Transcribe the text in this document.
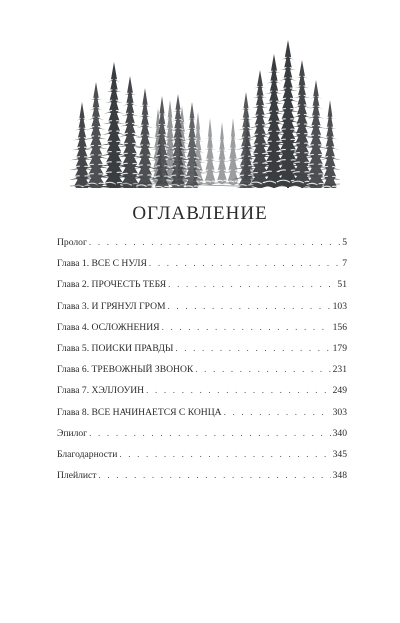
ОГЛАВЛЕНИЕ
Пролог . . .	5
Глава 1. ВСЕ С НУЛЯ . . .	7
Глава 2. ПРОЧЕСТЬ ТЕБЯ . . .	51
Глава 3. И ГРЯНУЛ ГРОМ . . .	103
Глава 4. ОСЛОЖНЕНИЯ . . .	156
Глава 5. ПОИСКИ ПРАВДЫ . . .	179
Глава 6. ТРЕВОЖНЫЙ ЗВОНОК . . .	231
Глава 7. ХЭЛЛОУИН . . .	249
Глава 8. ВСЕ НАЧИНАЕТСЯ С КОНЦА . . .	303
Эпилог . . .	340
Благодарности . . .	345
Плейлист . . .	348
